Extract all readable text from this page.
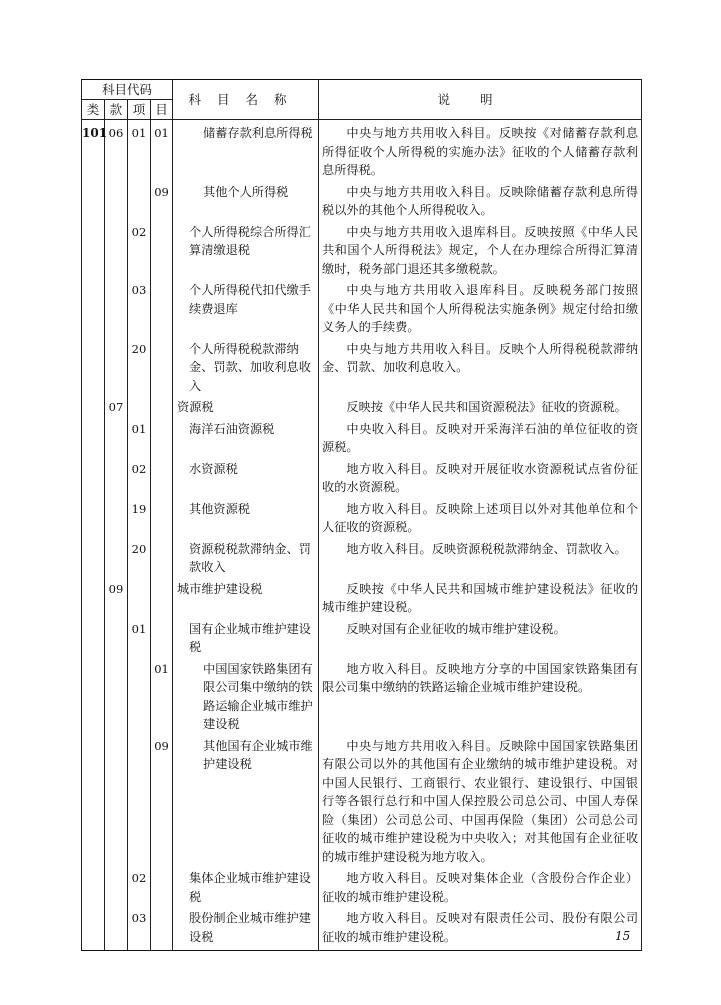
科目代码				科目名称	说明
类	款	项	目		
101	06	01	01	储蓄存款利息所得税	中央与地方共用收入科目。反映按《对储蓄存款利息所得征收个人所得税的实施办法》征收的个人储蓄存款利息所得税。
			09	其他个人所得税	中央与地方共用收入科目。反映除储蓄存款利息所得税以外的其他个人所得税收入。
		02		个人所得税综合所得汇算清缴退税	中央与地方共用收入退库科目。反映按照《中华人民共和国个人所得税法》规定，个人在办理综合所得汇算清缴时，税务部门退还其多缴税款。
		03		个人所得税代扣代缴手续费退库	中央与地方共用收入退库科目。反映税务部门按照《中华人民共和国个人所得税法实施条例》规定付给扣缴义务人的手续费。
		20		个人所得税税款滞纳金、罚款、加收利息收入	中央与地方共用收入科目。反映个人所得税税款滞纳金、罚款、加收利息收入。
	07			资源税	反映按《中华人民共和国资源税法》征收的资源税。
		01		海洋石油资源税	中央收入科目。反映对开采海洋石油的单位征收的资源税。
		02		水资源税	地方收入科目。反映对开展征收水资源税试点省份征收的水资源税。
		19		其他资源税	地方收入科目。反映除上述项目以外对其他单位和个人征收的资源税。
		20		资源税税款滞纳金、罚款收入	地方收入科目。反映资源税税款滞纳金、罚款收入。
	09			城市维护建设税	反映按《中华人民共和国城市维护建设税法》征收的城市维护建设税。
		01		国有企业城市维护建设税	反映对国有企业征收的城市维护建设税。
			01	中国国家铁路集团有限公司集中缴纳的铁路运输企业城市维护建设税	地方收入科目。反映地方分享的中国国家铁路集团有限公司集中缴纳的铁路运输企业城市维护建设税。
			09	其他国有企业城市维护建设税	中央与地方共用收入科目。反映除中国国家铁路集团有限公司以外的其他国有企业缴纳的城市维护建设税。对中国人民银行、工商银行、农业银行、建设银行、中国银行等各银行总行和中国人保控股公司总公司、中国人寿保险（集团）公司总公司、中国再保险（集团）公司总公司征收的城市维护建设税为中央收入；对其他国有企业征收的城市维护建设税为地方收入。
		02		集体企业城市维护建设税	地方收入科目。反映对集体企业（含股份合作企业）征收的城市维护建设税。
		03		股份制企业城市维护建设税	地方收入科目。反映对有限责任公司、股份有限公司征收的城市维护建设税。	15
